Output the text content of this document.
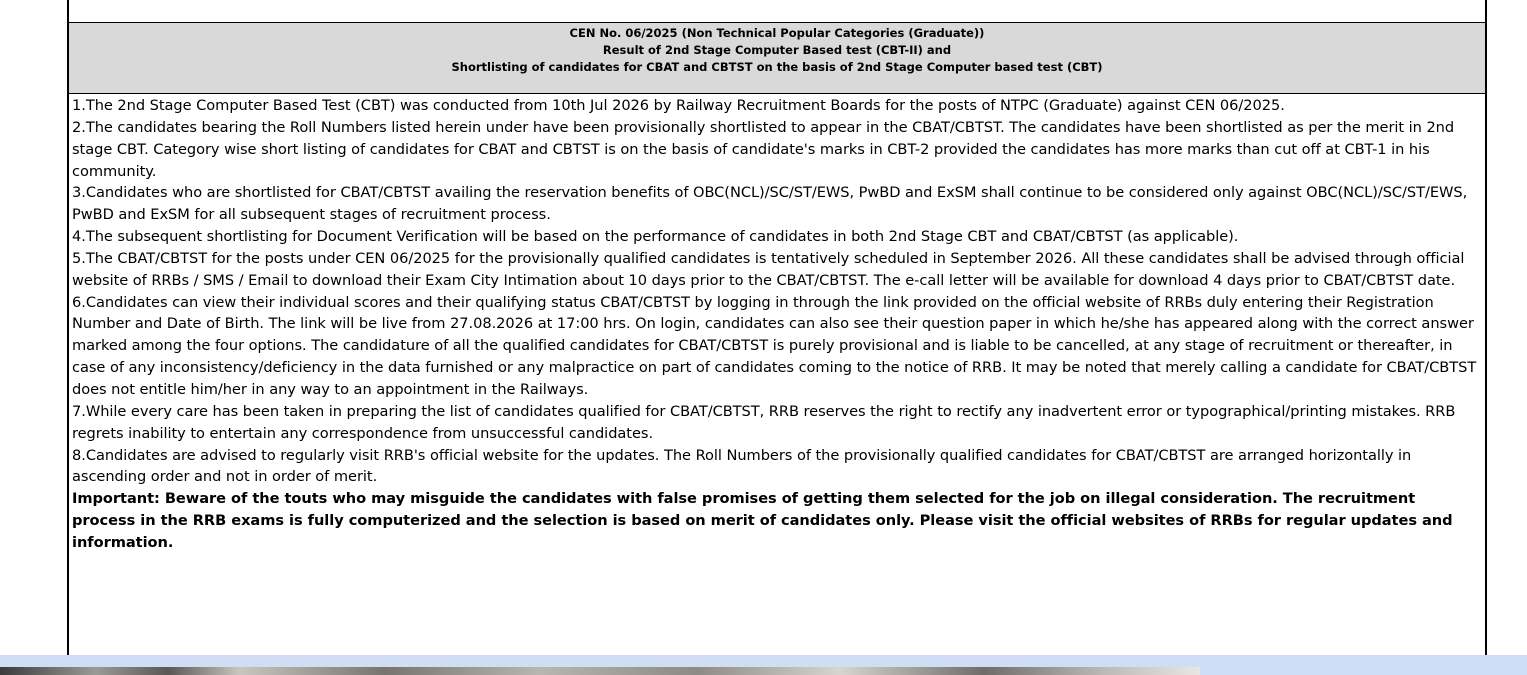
CEN No. 06/2025 (Non Technical Popular Categories (Graduate))
Result of 2nd Stage Computer Based test (CBT-II) and
Shortlisting of candidates for CBAT and CBTST on the basis of 2nd Stage Computer based test (CBT)

1.The 2nd Stage Computer Based Test (CBT) was conducted from 10th Jul 2026 by Railway Recruitment Boards for the posts of NTPC (Graduate) against CEN 06/2025.

2.The candidates bearing the Roll Numbers listed herein under have been provisionally shortlisted to appear in the CBAT/CBTST. The candidates have been shortlisted as per the merit in 2nd stage CBT. Category wise short listing of candidates for CBAT and CBTST is on the basis of candidate's marks in CBT-2 provided the candidates has more marks than cut off at CBT-1 in his community.

3.Candidates who are shortlisted for CBAT/CBTST availing the reservation benefits of OBC(NCL)/SC/ST/EWS, PwBD and ExSM shall continue to be considered only against OBC(NCL)/SC/ST/EWS, PwBD and ExSM for all subsequent stages of recruitment process.

4.The subsequent shortlisting for Document Verification will be based on the performance of candidates in both 2nd Stage CBT and CBAT/CBTST (as applicable).

5.The CBAT/CBTST for the posts under CEN 06/2025 for the provisionally qualified candidates is tentatively scheduled in September 2026. All these candidates shall be advised through official website of RRBs / SMS / Email to download their Exam City Intimation about 10 days prior to the CBAT/CBTST. The e-call letter will be available for download 4 days prior to CBAT/CBTST date.

6.Candidates can view their individual scores and their qualifying status CBAT/CBTST by logging in through the link provided on the official website of RRBs duly entering their Registration Number and Date of Birth. The link will be live from 27.08.2026 at 17:00 hrs. On login, candidates can also see their question paper in which he/she has appeared along with the correct answer marked among the four options. The candidature of all the qualified candidates for CBAT/CBTST is purely provisional and is liable to be cancelled, at any stage of recruitment or thereafter, in case of any inconsistency/deficiency in the data furnished or any malpractice on part of candidates coming to the notice of RRB. It may be noted that merely calling a candidate for CBAT/CBTST does not entitle him/her in any way to an appointment in the Railways.

7.While every care has been taken in preparing the list of candidates qualified for CBAT/CBTST, RRB reserves the right to rectify any inadvertent error or typographical/printing mistakes. RRB regrets inability to entertain any correspondence from unsuccessful candidates.

8.Candidates are advised to regularly visit RRB's official website for the updates. The Roll Numbers of the provisionally qualified candidates for CBAT/CBTST are arranged horizontally in ascending order and not in order of merit.

Important: Beware of the touts who may misguide the candidates with false promises of getting them selected for the job on illegal consideration. The recruitment process in the RRB exams is fully computerized and the selection is based on merit of candidates only. Please visit the official websites of RRBs for regular updates and information.
